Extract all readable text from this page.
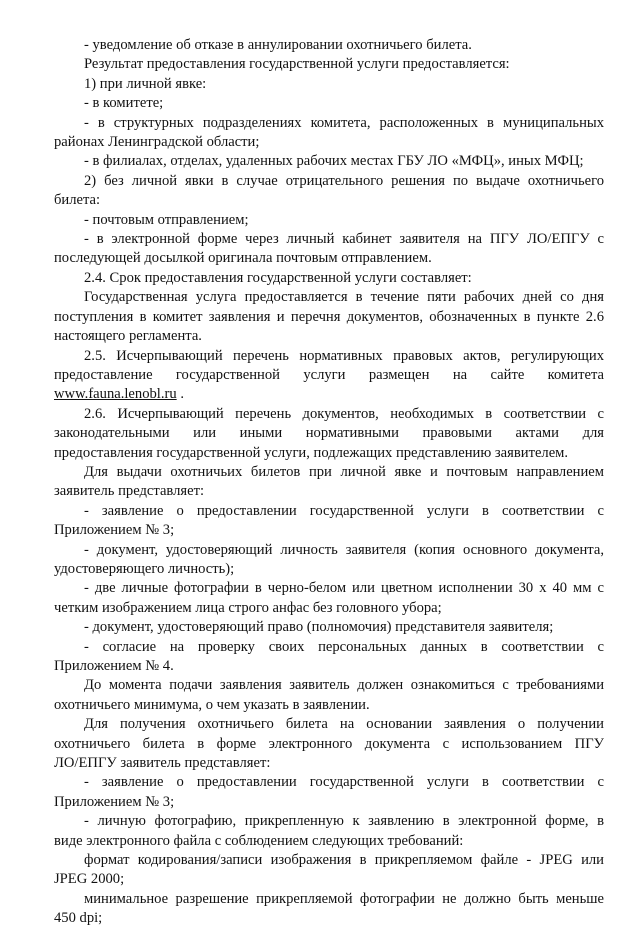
- уведомление об отказе в аннулировании охотничьего билета.

Результат предоставления государственной услуги предоставляется:

1) при личной явке:

- в комитете;

- в структурных подразделениях комитета, расположенных в муниципальных

районах Ленинградской области;

- в филиалах, отделах, удаленных рабочих местах ГБУ ЛО «МФЦ», иных МФЦ;

2) без личной явки в случае отрицательного решения по выдаче охотничьего

билета:

- почтовым отправлением;

- в электронной форме через личный кабинет заявителя на ПГУ ЛО/ЕПГУ с

последующей досылкой оригинала почтовым отправлением.

2.4. Срок предоставления государственной услуги составляет:

Государственная услуга предоставляется в течение пяти рабочих дней со дня

поступления в комитет заявления и перечня документов, обозначенных в пункте 2.6

настоящего регламента.

2.5. Исчерпывающий перечень нормативных правовых актов, регулирующих

предоставление государственной услуги размещен на сайте комитета

www.fauna.lenobl.ru .

2.6. Исчерпывающий перечень документов, необходимых в соответствии с

законодательными или иными нормативными правовыми актами для

предоставления государственной услуги, подлежащих представлению заявителем.

Для выдачи охотничьих билетов при личной явке и почтовым направлением

заявитель представляет:

- заявление о предоставлении государственной услуги в соответствии с

Приложением № 3;

- документ, удостоверяющий личность заявителя (копия основного документа,

удостоверяющего личность);

- две личные фотографии в черно-белом или цветном исполнении 30 х 40 мм с

четким изображением лица строго анфас без головного убора;

- документ, удостоверяющий право (полномочия) представителя заявителя;

- согласие на проверку своих персональных данных в соответствии с

Приложением № 4.

До момента подачи заявления заявитель должен ознакомиться с требованиями

охотничьего минимума, о чем указать в заявлении.

Для получения охотничьего билета на основании заявления о получении

охотничьего билета в форме электронного документа с использованием ПГУ

ЛО/ЕПГУ заявитель представляет:

- заявление о предоставлении государственной услуги в соответствии с

Приложением № 3;

- личную фотографию, прикрепленную к заявлению в электронной форме, в

виде электронного файла с соблюдением следующих требований:

формат кодирования/записи изображения в прикрепляемом файле - JPEG или

JPEG 2000;

минимальное разрешение прикрепляемой фотографии не должно быть меньше

450 dpi;
